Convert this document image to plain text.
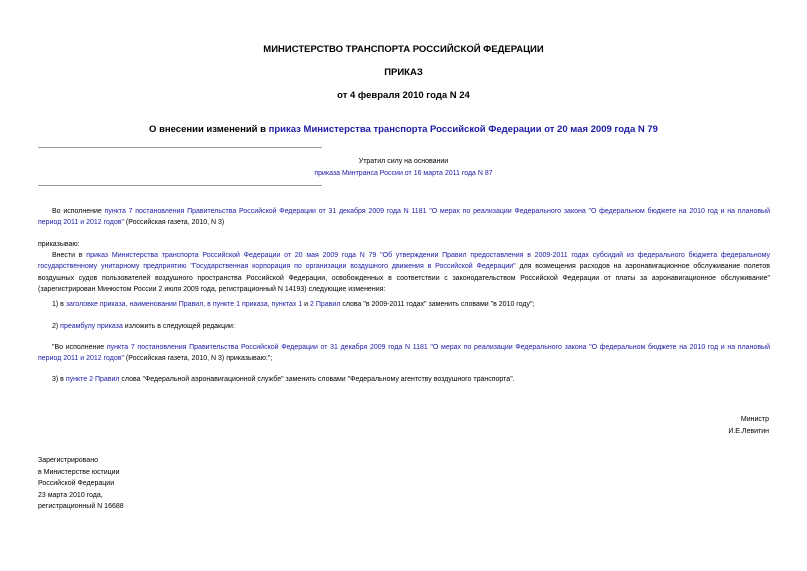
МИНИСТЕРСТВО ТРАНСПОРТА РОССИЙСКОЙ ФЕДЕРАЦИИ
ПРИКАЗ
от 4 февраля 2010 года N 24
О внесении изменений в приказ Министерства транспорта Российской Федерации от 20 мая 2009 года N 79
Утратил силу на основании
приказа Минтранса России от 16 марта 2011 года N 87

Во исполнение пункта 7 постановления Правительства Российской Федерации от 31 декабря 2009 года N 1181 "О мерах по реализации Федерального закона "О федеральном бюджете на 2010 год и на плановый период 2011 и 2012 годов" (Российская газета, 2010, N 3)

приказываю:

Внести в приказ Министерства транспорта Российской Федерации от 20 мая 2009 года N 79 "Об утверждении Правил предоставления в 2009-2011 годах субсидий из федерального бюджета федеральному государственному унитарному предприятию "Государственная корпорация по организации воздушного движения в Российской Федерации" для возмещения расходов на аэронавигационное обслуживание полетов воздушных судов пользователей воздушного пространства Российской Федерации, освобожденных в соответствии с законодательством Российской Федерации от платы за аэронавигационное обслуживание" (зарегистрирован Минюстом России 2 июля 2009 года, регистрационный N 14193) следующие изменения:

1) в заголовке приказа, наименовании Правил, в пункте 1 приказа, пунктах 1 и 2 Правил слова "в 2009-2011 годах" заменить словами "в 2010 году";

2) преамбулу приказа изложить в следующей редакции:

"Во исполнение пункта 7 постановления Правительства Российской Федерации от 31 декабря 2009 года N 1181 "О мерах по реализации Федерального закона "О федеральном бюджете на 2010 год и на плановый период 2011 и 2012 годов" (Российская газета, 2010, N 3) приказываю:";

3) в пункте 2 Правил слова "Федеральной аэронавигационной службе" заменить словами "Федеральному агентству воздушного транспорта".

Министр
И.Е.Левитин
Зарегистрировано
в Министерстве юстиции
Российской Федерации
23 марта 2010 года,
регистрационный N 16688
